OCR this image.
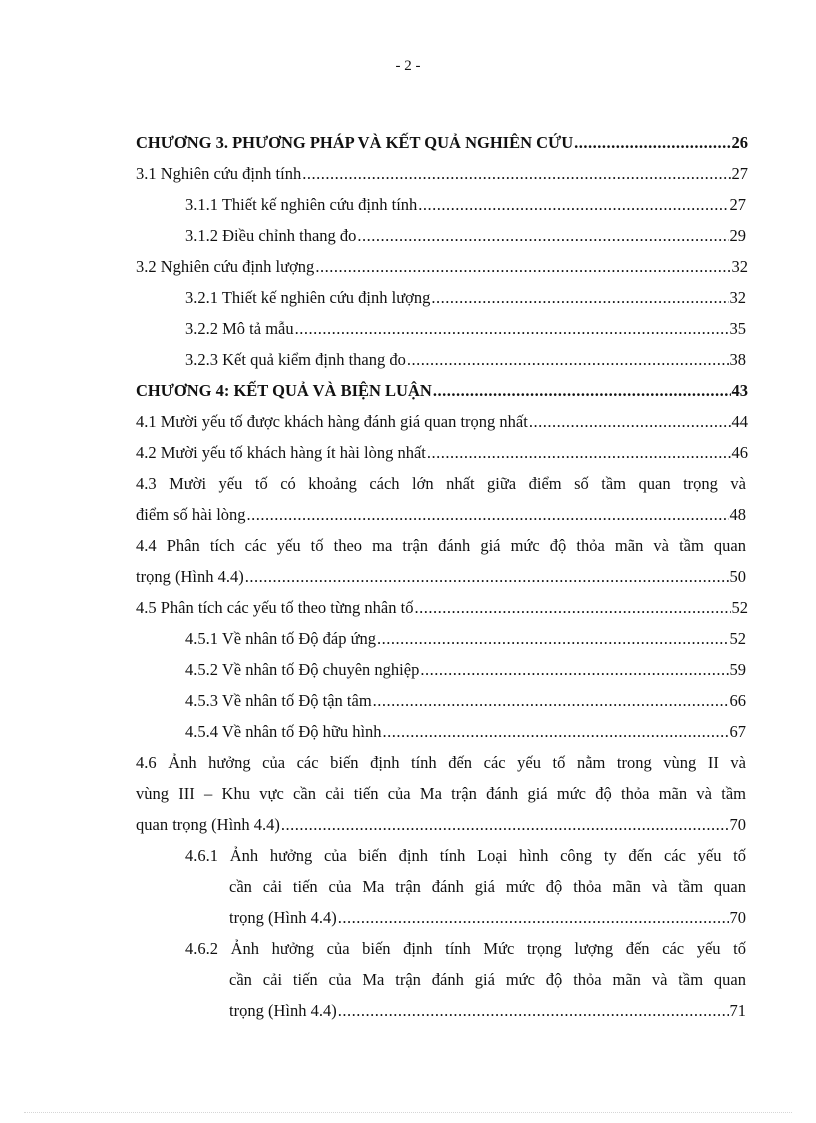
- 2 -
CHƯƠNG 3. PHƯƠNG PHÁP VÀ KẾT QUẢ NGHIÊN CỨU .....	26
3.1 Nghiên cứu định tính .....	27
3.1.1 Thiết kế nghiên cứu định tính .....	27
3.1.2 Điều chỉnh thang đo .....	29
3.2 Nghiên cứu định lượng .....	32
3.2.1 Thiết kế nghiên cứu định lượng .....	32
3.2.2 Mô tả mẫu .....	35
3.2.3 Kết quả kiểm định thang đo .....	38
CHƯƠNG 4: KẾT QUẢ VÀ BIỆN LUẬN .....	43
4.1 Mười yếu tố được khách hàng đánh giá quan trọng nhất .....	44
4.2 Mười yếu tố khách hàng ít hài lòng nhất .....	46
4.3 Mười yếu tố có khoảng cách lớn nhất giữa điểm số tầm quan trọng và
điểm số hài lòng .....	48
4.4 Phân tích các yếu tố theo ma trận đánh giá mức độ thỏa mãn và tầm quan
trọng (Hình 4.4) .....	50
4.5 Phân tích các yếu tố theo từng nhân tố .....	52
4.5.1 Về nhân tố Độ đáp ứng .....	52
4.5.2 Về nhân tố Độ chuyên nghiệp .....	59
4.5.3 Về nhân tố Độ tận tâm .....	66
4.5.4 Về nhân tố Độ hữu hình .....	67
4.6 Ảnh hưởng của các biến định tính đến các yếu tố nằm trong vùng II và
vùng III – Khu vực cần cải tiến của Ma trận đánh giá mức độ thỏa mãn và tầm
quan trọng (Hình 4.4) .....	70
4.6.1 Ảnh hưởng của biến định tính Loại hình công ty đến các yếu tố
cần cải tiến của Ma trận đánh giá mức độ thỏa mãn và tầm quan
trọng (Hình 4.4) .....	70
4.6.2 Ảnh hưởng của biến định tính Mức trọng lượng đến các yếu tố
cần cải tiến của Ma trận đánh giá mức độ thỏa mãn và tầm quan
trọng (Hình 4.4) .....	71
